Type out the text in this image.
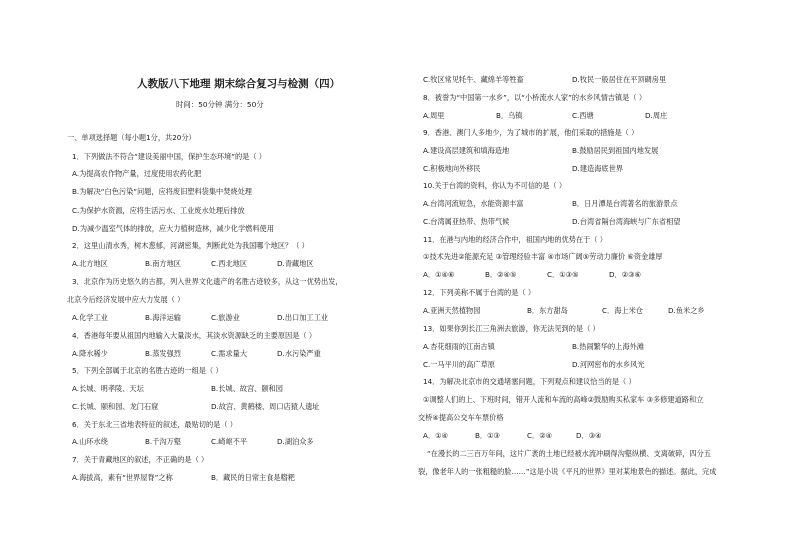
人教版八下地理 期末综合复习与检测（四）
时间：50分钟 满分：50分
一、单项选择题（每小题1分，共20分）
1．下列做法不符合“建设美丽中国，保护生态环境”的是（ ）
A.为提高农作物产量，过度使用农药化肥
B.为解决“白色污染”问题，应将废旧塑料袋集中焚烧处理
C.为保护水资源，应将生活污水、工业废水处理后排放
D.为减少温室气体的排放，应大力植树造林，减少化学燃料使用
2．这里山清水秀，树木葱郁，河湖密集，判断此处为我国哪个地区？（ ）
A.北方地区	B.南方地区	C.西北地区	D.青藏地区
3．北京作为历史悠久的古都，列入世界文化遗产的名胜古迹较多，从这一优势出发，
北京今后经济发展中应大力发展（ ）
A.化学工业	B.海洋运输	C.旅游业	D.出口加工工业
4．香港每年要从祖国内地输入大量淡水，其淡水资源缺乏的主要原因是（ ）
A.降水稀少	B.蒸发强烈	C.需求量大	D.水污染严重
5．下列全部属于北京的名胜古迹的一组是（ ）
A.长城、明孝陵、天坛	B.长城、故宫、颐和园
C.长城、颐和园、龙门石窟	D.故宫、黄鹤楼、周口店猿人遗址
6．关于东北三省地表特征的叙述，最贴切的是（ ）
A.山环水绕	B.千沟万壑	C.崎岖不平	D.湖泊众多
7．关于青藏地区的叙述，不正确的是（ ）
A.海拔高，素有“世界屋脊”之称	B．藏民的日常主食是糌粑
C.牧区常见牦牛、藏绵羊等牲畜	D.牧民一般居住在平顶碉房里
8．被誉为“中国第一水乡”，以“小桥流水人家”的水乡风情吉镇是（ ）
A.周里	B．乌镇	C.西塘	D.周庄
9．香港、澳门人多地少，为了城市的扩展，他们采取的措施是（ ）
A.建设高层建筑和填海造地	B.鼓励居民到祖国内地发展
C.积极地向外移民	D.建造海底世界
10.关于台湾的资料，你认为不可信的是（ ）
A.台湾河流短急，水能资源丰富	B．日月潭是台湾著名的旅游景点
C.台湾属亚热带、热带气候	D.台湾省隔台湾海峡与广东省相望
11．在港与内地的经济合作中，祖国内地的优势在于（ ）
①技术先进②能源充足 ③管理经验丰富 ④市场广阔⑤劳动力廉价 ⑥资金雄厚
A．①④⑥	B．②④⑤	C．①③⑤	D．②③⑥
12．下列美称不属于台湾的是（ ）
A.亚洲天然植物园	B．东方甜岛	C．海上米仓	D.鱼米之乡
13．如果你到长江三角洲去旅游，你无法见到的是（ ）
A.杏花细雨的江南古镇	B.热闹繁华的上海外滩
C.一马平川的高广草原	D.河网密布的水乡风光
14．为解决北京市的交通堵塞问题，下列观点和建议恰当的是（ ）
①调整人们的上、下班时间，错开人流和车流的高峰②鼓励购买私家车 ③多修建道路和立
交桥④提高公交车车票价格
A．①④	B．①③	C．②④	D．③④
“在漫长的二三百万年间，这片广袤的土地已经被水流冲刷得沟壑纵横、支离破碎，四分五
裂，像老年人的一张粗糙的脸……”这是小说《平凡的世界》里对某地景色的描述。据此，完成
